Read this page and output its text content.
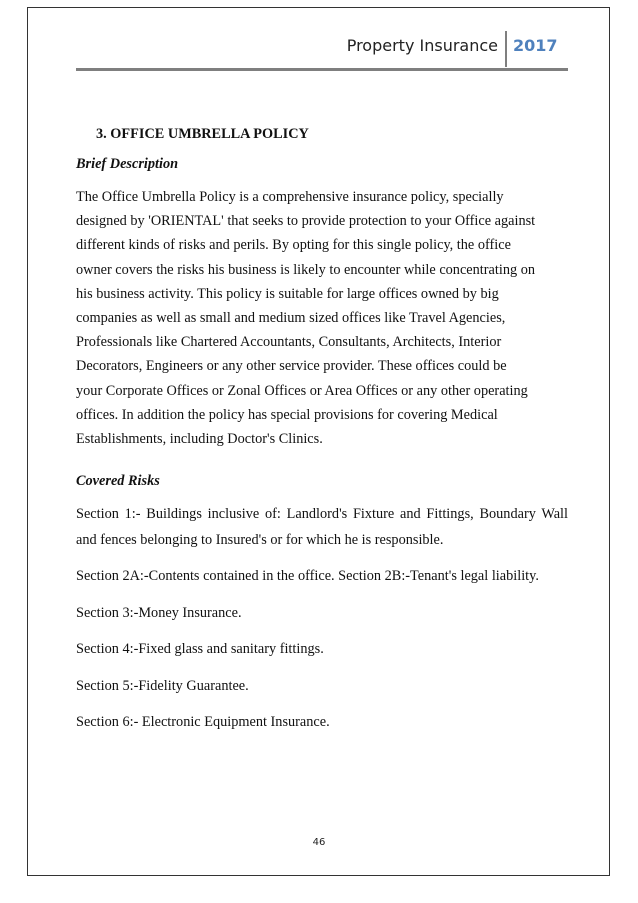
Property Insurance 2017
3. OFFICE UMBRELLA POLICY
Brief Description
The Office Umbrella Policy is a comprehensive insurance policy, specially
designed by 'ORIENTAL' that seeks to provide protection to your Office against
different kinds of risks and perils. By opting for this single policy, the office
owner covers the risks his business is likely to encounter while concentrating on
his business activity. This policy is suitable for large offices owned by big
companies as well as small and medium sized offices like Travel Agencies,
Professionals like Chartered Accountants, Consultants, Architects, Interior
Decorators, Engineers or any other service provider. These offices could be
your Corporate Offices or Zonal Offices or Area Offices or any other operating
offices. In addition the policy has special provisions for covering Medical
Establishments, including Doctor's Clinics.
Covered Risks

Section 1:- Buildings inclusive of: Landlord's Fixture and Fittings, Boundary Wall and fences belonging to Insured's or for which he is responsible.

Section 2A:-Contents contained in the office. Section 2B:-Tenant's legal liability.

Section 3:-Money Insurance.

Section 4:-Fixed glass and sanitary fittings.

Section 5:-Fidelity Guarantee.

Section 6:- Electronic Equipment Insurance.

46
